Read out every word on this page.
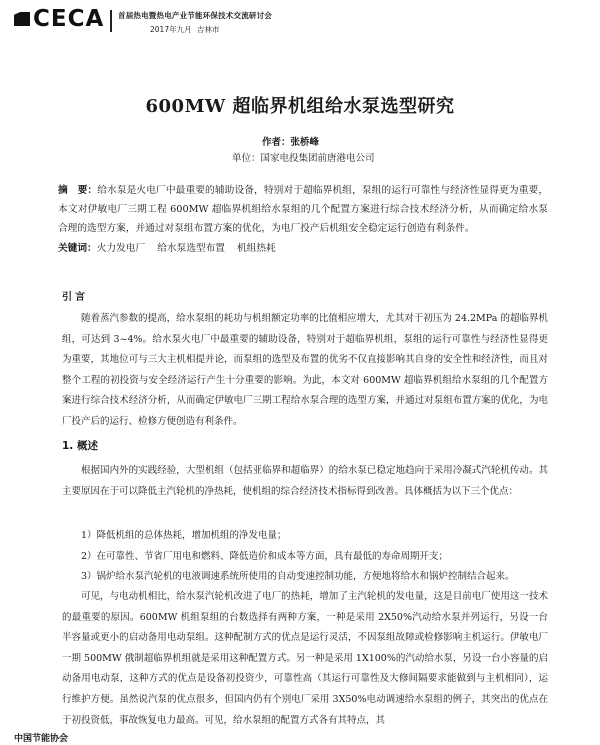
CECA 首届热电暨热电产业节能环保技术交流研讨会
2017年九月 吉林市
600MW 超临界机组给水泵选型研究
作者：张桥峰
单位：国家电投集团前唐港电公司
摘　要：给水泵是火电厂中最重要的辅助设备，特别对于超临界机组，泵组的运行可靠性与经济性显得更为重要，本文对伊敏电厂三期工程 600MW 超临界机组给水泵组的几个配置方案进行综合技术经济分析，从而确定给水泵合理的选型方案，并通过对泵组布置方案的优化，为电厂投产后机组安全稳定运行创造有利条件。
关键词：火力发电厂 给水泵选型布置 机组热耗
引言
随着蒸汽参数的提高，给水泵组的耗功与机组额定功率的比值相应增大，尤其对于初压为 24.2MPa 的超临界机组，可达到 3~4%。给水泵火电厂中最重要的辅助设备，特别对于超临界机组，泵组的运行可靠性与经济性显得更为重要，其地位可与三大主机相提并论，而泵组的选型及布置的优劣不仅直接影响其自身的安全性和经济性，而且对整个工程的初投资与安全经济运行产生十分重要的影响。为此，本文对 600MW 超临界机组给水泵组的几个配置方案进行综合技术经济分析，从而确定伊敏电厂三期工程给水泵合理的选型方案，并通过对泵组布置方案的优化，为电厂投产后的运行、检修方便创造有利条件。
1. 概述
根据国内外的实践经验，大型机组（包括亚临界和超临界）的给水泵已稳定地趋向于采用冷凝式汽轮机传动。其主要原因在于可以降低主汽轮机的净热耗，使机组的综合经济技术指标得到改善。具体概括为以下三个优点：
1）降低机组的总体热耗，增加机组的净发电量；
2）在可靠性、节省厂用电和燃料、降低造价和成本等方面，具有最低的寿命周期开支；
3）锅炉给水泵汽轮机的电液调速系统所使用的自动变速控制功能，方便地将给水和锅炉控制结合起来。
可见，与电动机相比，给水泵汽轮机改进了电厂的热耗，增加了主汽轮机的发电量，这是目前电厂使用这一技术的最重要的原因。600MW 机组泵组的台数选择有两种方案，一种是采用 2X50%汽动给水泵并列运行，另设一台半容量或更小的启动备用电动泵组。这种配制方式的优点是运行灵活，不因泵组故障或检修影响主机运行。伊敏电厂一期 500MW 俄制超临界机组就是采用这种配置方式。另一种是采用 1X100%的汽动给水泵，另设一台小容量的启动备用电动泵，这种方式的优点是设备初投资少，可靠性高（其运行可靠性及大修间隔要求能做到与主机相同），运行维护方便。虽然说汽泵的优点很多，但国内仍有个别电厂采用 3X50%电动调速给水泵组的例子，其突出的优点在于初投资低，事故恢复电力最高。可见，给水泵组的配置方式各有其特点，其
中国节能协会
